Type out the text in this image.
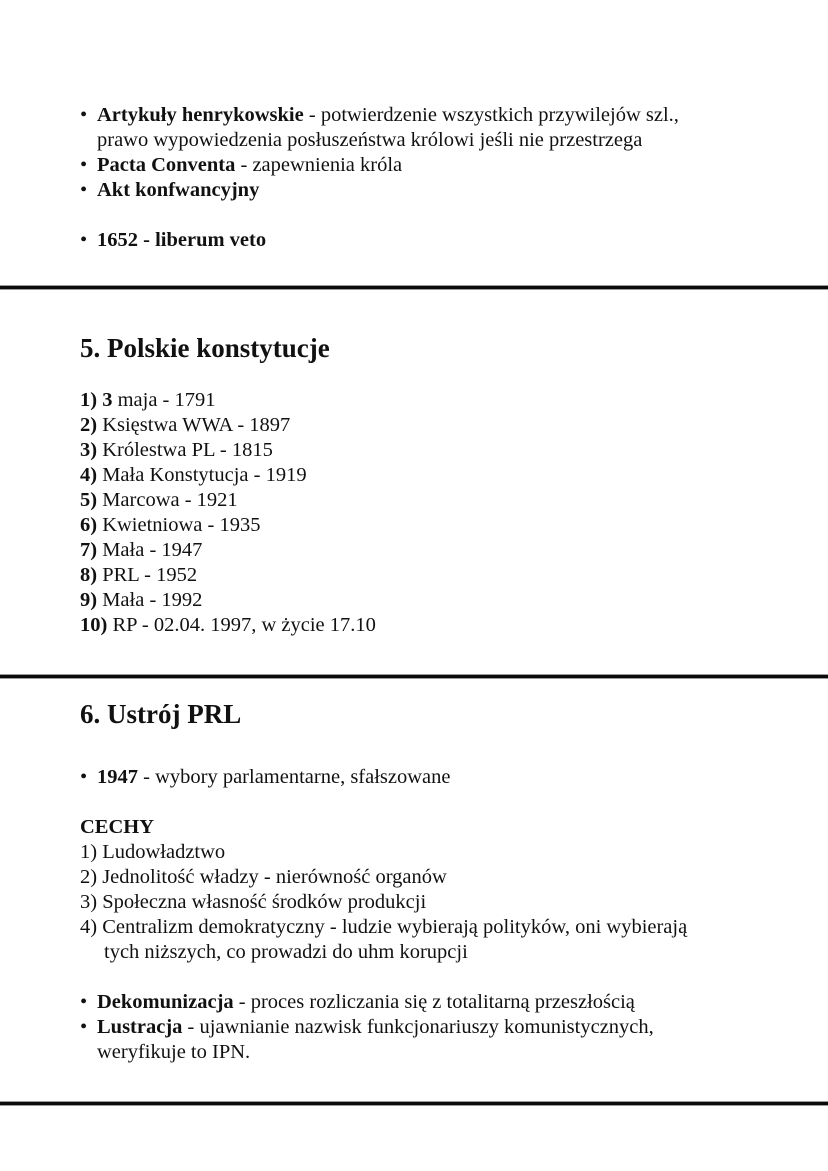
• Artykuły henrykowskie - potwierdzenie wszystkich przywilejów szl.,
prawo wypowiedzenia posłuszeństwa królowi jeśli nie przestrzega
• Pacta Conventa - zapewnienia króla
• Akt konfwancyjny
• 1652 - liberum veto
5. Polskie konstytucje
1) 3 maja - 1791
2) Księstwa WWA - 1897
3) Królestwa PL - 1815
4) Mała Konstytucja - 1919
5) Marcowa - 1921
6) Kwietniowa - 1935
7) Mała - 1947
8) PRL - 1952
9) Mała - 1992
10) RP - 02.04. 1997, w życie 17.10
6. Ustrój PRL
• 1947 - wybory parlamentarne, sfałszowane
CECHY
1) Ludowładztwo
2) Jednolitość władzy - nierówność organów
3) Społeczna własność środków produkcji
4) Centralizm demokratyczny - ludzie wybierają polityków, oni wybierają
tych niższych, co prowadzi do uhm korupcji
• Dekomunizacja - proces rozliczania się z totalitarną przeszłością
• Lustracja - ujawnianie nazwisk funkcjonariuszy komunistycznych,
weryfikuje to IPN.
